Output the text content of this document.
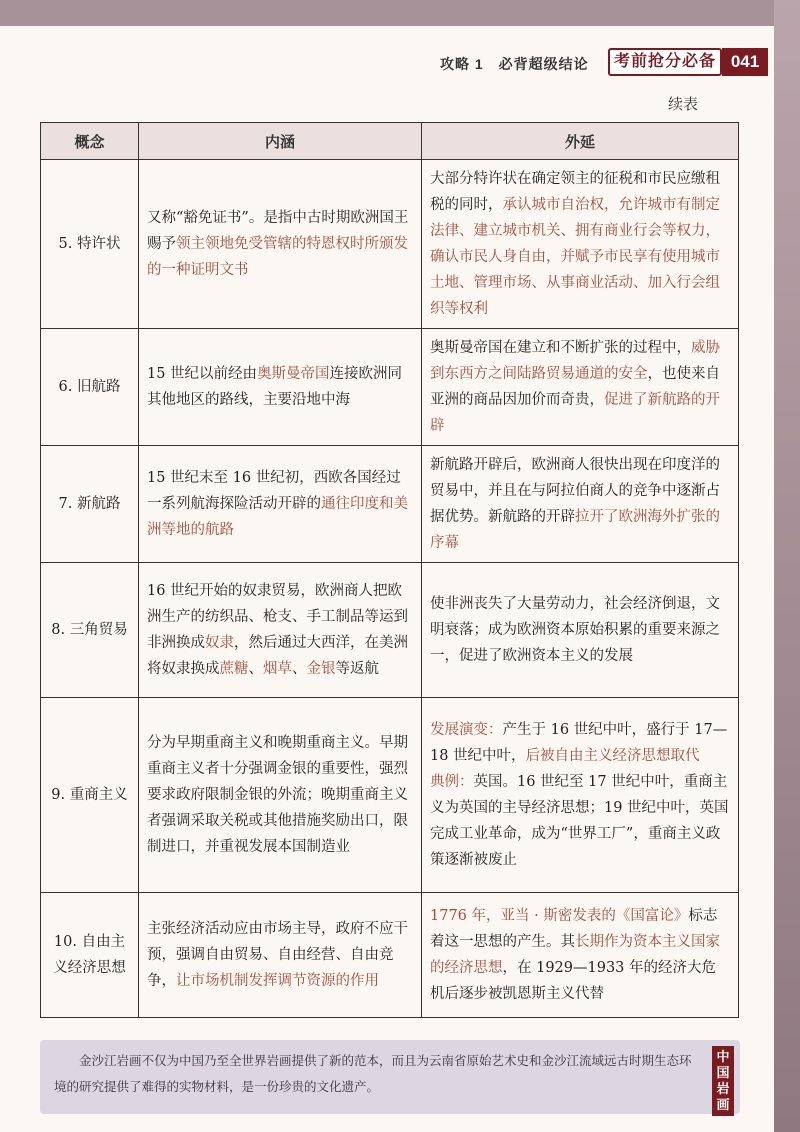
攻略 1　必背超级结论	考前抢分必备 041
续表
概念	内涵	外延
5. 特许状	又称“豁免证书”。是指中古时期欧洲国王赐予领主领地免受管辖的特恩权时所颁发的一种证明文书	大部分特许状在确定领主的征税和市民应缴租税的同时，承认城市自治权，允许城市有制定法律、建立城市机关、拥有商业行会等权力，确认市民人身自由，并赋予市民享有使用城市土地、管理市场、从事商业活动、加入行会组织等权利
6. 旧航路	15 世纪以前经由奥斯曼帝国连接欧洲同其他地区的路线，主要沿地中海	奥斯曼帝国在建立和不断扩张的过程中，威胁到东西方之间陆路贸易通道的安全，也使来自亚洲的商品因加价而奇贵，促进了新航路的开辟
7. 新航路	15 世纪末至 16 世纪初，西欧各国经过一系列航海探险活动开辟的通往印度和美洲等地的航路	新航路开辟后，欧洲商人很快出现在印度洋的贸易中，并且在与阿拉伯商人的竞争中逐渐占据优势。新航路的开辟拉开了欧洲海外扩张的序幕
8. 三角贸易	16 世纪开始的奴隶贸易，欧洲商人把欧洲生产的纺织品、枪支、手工制品等运到非洲换成奴隶，然后通过大西洋，在美洲将奴隶换成蔗糖、烟草、金银等返航	使非洲丧失了大量劳动力，社会经济倒退，文明衰落；成为欧洲资本原始积累的重要来源之一，促进了欧洲资本主义的发展
9. 重商主义	分为早期重商主义和晚期重商主义。早期重商主义者十分强调金银的重要性，强烈要求政府限制金银的外流；晚期重商主义者强调采取关税或其他措施奖励出口，限制进口，并重视发展本国制造业	发展演变：产生于 16 世纪中叶，盛行于 17—18 世纪中叶，后被自由主义经济思想取代
典例：英国。16 世纪至 17 世纪中叶，重商主义为英国的主导经济思想；19 世纪中叶，英国完成工业革命，成为“世界工厂”，重商主义政策逐渐被废止
10. 自由主义经济思想	主张经济活动应由市场主导，政府不应干预，强调自由贸易、自由经营、自由竞争，让市场机制发挥调节资源的作用	1776 年，亚当 · 斯密发表的《国富论》标志着这一思想的产生。其长期作为资本主义国家的经济思想，在 1929—1933 年的经济大危机后逐步被凯恩斯主义代替
金沙江岩画不仅为中国乃至全世界岩画提供了新的范本，而且为云南省原始艺术史和金沙江流域远古时期生态环境的研究提供了难得的实物材料，是一份珍贵的文化遗产。
中国岩画
